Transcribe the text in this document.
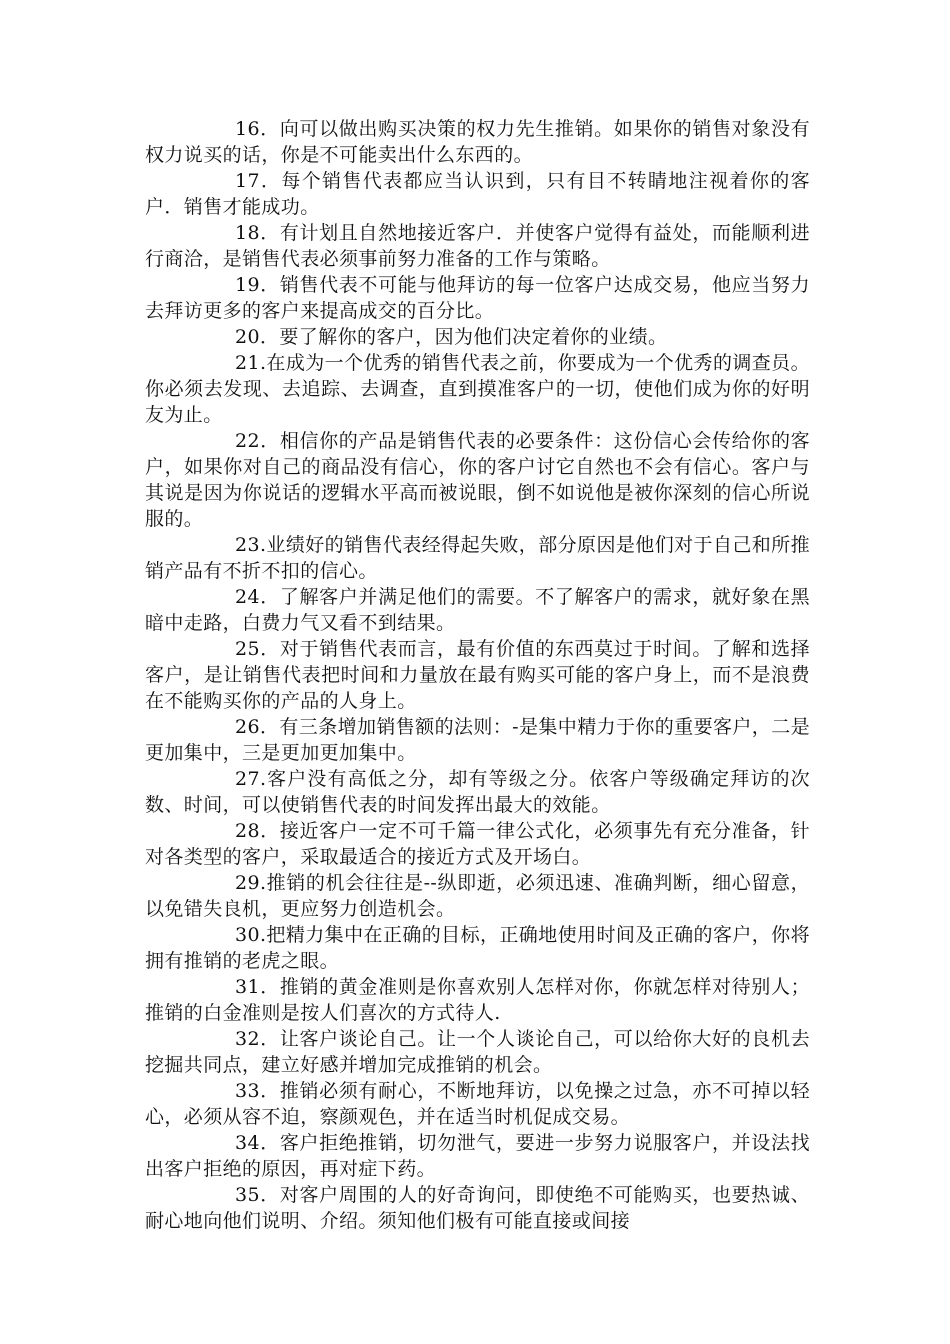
16．向可以做出购买决策的权力先生推销。如果你的销售对象没有权力说买的话，你是不可能卖出什么东西的。

17．每个销售代表都应当认识到，只有目不转睛地注视着你的客户．销售才能成功。

18．有计划且自然地接近客户．并使客户觉得有益处，而能顺利进行商洽，是销售代表必须事前努力准备的工作与策略。

19．销售代表不可能与他拜访的每一位客户达成交易，他应当努力去拜访更多的客户来提高成交的百分比。

20．要了解你的客户，因为他们决定着你的业绩。

21.在成为一个优秀的销售代表之前，你要成为一个优秀的调查员。你必须去发现、去追踪、去调查，直到摸准客户的一切，使他们成为你的好明友为止。

22．相信你的产品是销售代表的必要条件：这份信心会传给你的客户，如果你对自己的商品没有信心，你的客户讨它自然也不会有信心。客户与其说是因为你说话的逻辑水平高而被说眼，倒不如说他是被你深刻的信心所说服的。

23.业绩好的销售代表经得起失败，部分原因是他们对于自己和所推销产品有不折不扣的信心。

24．了解客户并满足他们的需要。不了解客户的需求，就好象在黑暗中走路，白费力气又看不到结果。

25．对于销售代表而言，最有价值的东西莫过于时间。了解和选择客户，是让销售代表把时间和力量放在最有购买可能的客户身上，而不是浪费在不能购买你的产品的人身上。

26．有三条增加销售额的法则：-是集中精力于你的重要客户，二是更加集中，三是更加更加集中。

27.客户没有高低之分，却有等级之分。依客户等级确定拜访的次数、时间，可以使销售代表的时间发挥出最大的效能。

28．接近客户一定不可千篇一律公式化，必须事先有充分准备，针对各类型的客户，采取最适合的接近方式及开场白。

29.推销的机会往往是--纵即逝，必须迅速、准确判断，细心留意，以免错失良机，更应努力创造机会。

30.把精力集中在正确的目标，正确地使用时间及正确的客户，你将拥有推销的老虎之眼。

31．推销的黄金准则是你喜欢别人怎样对你，你就怎样对待别人；推销的白金准则是按人们喜次的方式待人.

32．让客户谈论自己。让一个人谈论自己，可以给你大好的良机去挖掘共同点，建立好感并增加完成推销的机会。

33．推销必须有耐心，不断地拜访，以免操之过急，亦不可掉以轻心，必须从容不迫，察颜观色，并在适当时机促成交易。

34．客户拒绝推销，切勿泄气，要进一步努力说服客户，并设法找出客户拒绝的原因，再对症下药。

35．对客户周围的人的好奇询问，即使绝不可能购买，也要热诚、耐心地向他们说明、介绍。须知他们极有可能直接或间接
